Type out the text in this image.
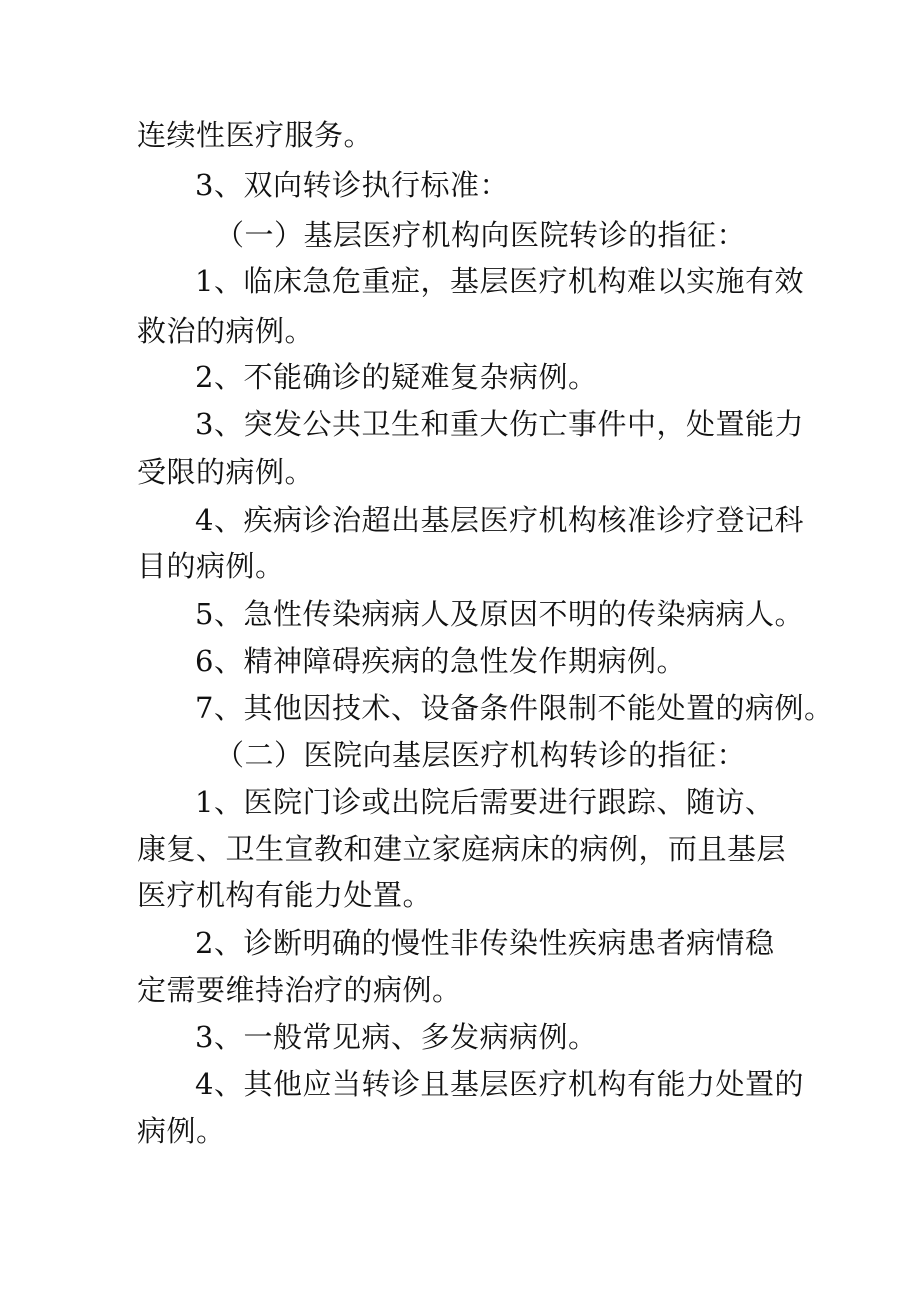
连续性医疗服务。
3、双向转诊执行标准：
（一）基层医疗机构向医院转诊的指征：
1、临床急危重症，基层医疗机构难以实施有效
救治的病例。
2、不能确诊的疑难复杂病例。
3、突发公共卫生和重大伤亡事件中，处置能力
受限的病例。
4、疾病诊治超出基层医疗机构核准诊疗登记科
目的病例。
5、急性传染病病人及原因不明的传染病病人。
6、精神障碍疾病的急性发作期病例。
7、其他因技术、设备条件限制不能处置的病例。
（二）医院向基层医疗机构转诊的指征：
1、医院门诊或出院后需要进行跟踪、随访、
康复、卫生宣教和建立家庭病床的病例，而且基层
医疗机构有能力处置。
2、诊断明确的慢性非传染性疾病患者病情稳
定需要维持治疗的病例。
3、一般常见病、多发病病例。
4、其他应当转诊且基层医疗机构有能力处置的
病例。
